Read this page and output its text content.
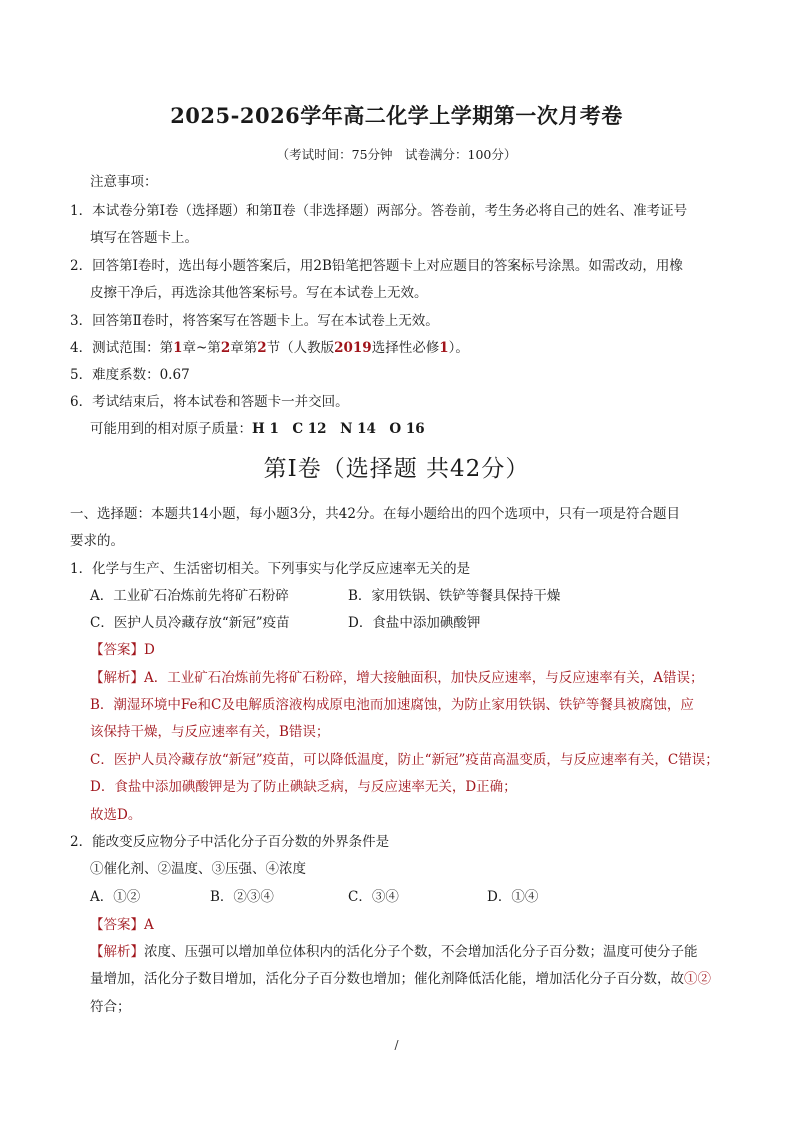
2025-2026学年高二化学上学期第一次月考卷
（考试时间：75分钟　试卷满分：100分）
注意事项：
1．本试卷分第Ⅰ卷（选择题）和第Ⅱ卷（非选择题）两部分。答卷前，考生务必将自己的姓名、准考证号
填写在答题卡上。
2．回答第Ⅰ卷时，选出每小题答案后，用2B铅笔把答题卡上对应题目的答案标号涂黑。如需改动，用橡
皮擦干净后，再选涂其他答案标号。写在本试卷上无效。
3．回答第Ⅱ卷时，将答案写在答题卡上。写在本试卷上无效。
4．测试范围：第1章~第2章第2节（人教版2019选择性必修1）。
5．难度系数：0.67
6．考试结束后，将本试卷和答题卡一并交回。
可能用到的相对原子质量：H 1　C 12　N 14　O 16
第Ⅰ卷（选择题 共42分）
一、选择题：本题共14小题，每小题3分，共42分。在每小题给出的四个选项中，只有一项是符合题目
要求的。
1．化学与生产、生活密切相关。下列事实与化学反应速率无关的是
A．工业矿石冶炼前先将矿石粉碎	B．家用铁锅、铁铲等餐具保持干燥
C．医护人员冷藏存放“新冠”疫苗	D．食盐中添加碘酸钾
【答案】D
【解析】A．工业矿石冶炼前先将矿石粉碎，增大接触面积，加快反应速率，与反应速率有关，A错误；
B．潮湿环境中Fe和C及电解质溶液构成原电池而加速腐蚀，为防止家用铁锅、铁铲等餐具被腐蚀，应
该保持干燥，与反应速率有关，B错误；
C．医护人员冷藏存放“新冠”疫苗，可以降低温度，防止“新冠”疫苗高温变质，与反应速率有关，C错误；
D．食盐中添加碘酸钾是为了防止碘缺乏病，与反应速率无关，D正确；
故选D。
2．能改变反应物分子中活化分子百分数的外界条件是
①催化剂、②温度、③压强、④浓度
A．①②	B．②③④	C．③④	D．①④
【答案】A
【解析】浓度、压强可以增加单位体积内的活化分子个数，不会增加活化分子百分数；温度可使分子能
量增加，活化分子数目增加，活化分子百分数也增加；催化剂降低活化能，增加活化分子百分数，故①②
符合；
/
